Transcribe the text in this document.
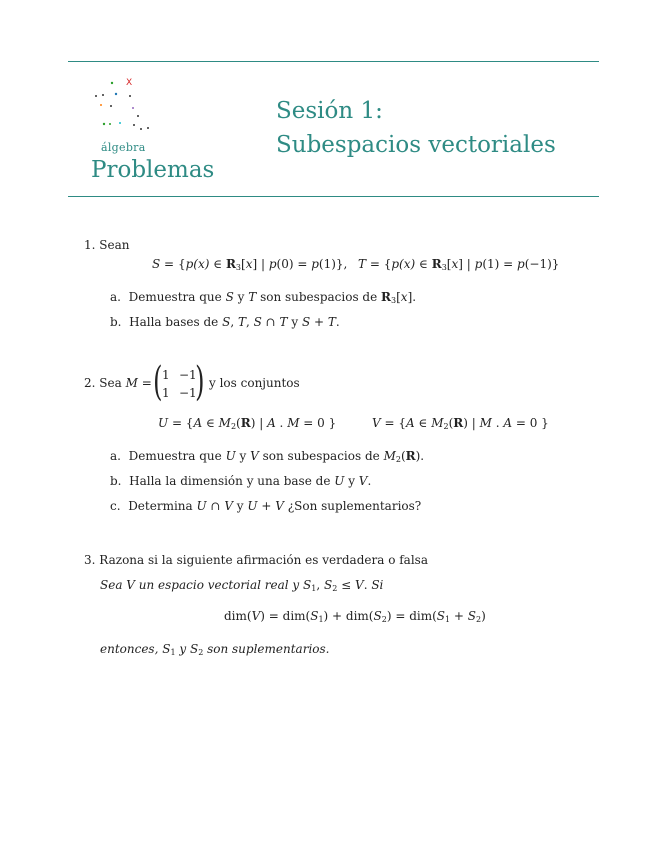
X
álgebra
Problemas
Sesión 1:
Subespacios vectoriales
1. Sean
S = {p(x) ∈ $R_3[x]$ | p(0) = p(1)}, T = {p(x) ∈ $R_3[x]$ | p(1) = p(−1)}
a. Demuestra que S y T son subespacios de $R_3[x]$.
b. Halla bases de S, T, S ∩ T y S + T.
2. Sea M = ( 1 −1
1 −1
) y los conjuntos
U = {A ∈ $M_2(R)$ | A . M = 0 }	V = {A ∈ $M_2(R)$ | M . A = 0 }
a. Demuestra que U y V son subespacios de $M_2(R)$.
b. Halla la dimensión y una base de U y V.
c. Determina U ∩ V y U + V ¿Son suplementarios?
3. Razona si la siguiente afirmación es verdadera o falsa
Sea V un espacio vectorial real y $S_1$, $S_2 \le V$. Si
$dim(V) = dim(S_1) + dim(S_2) = dim(S_1 + S_2)$
entonces, $S_1$ y $S_2$ son suplementarios.
